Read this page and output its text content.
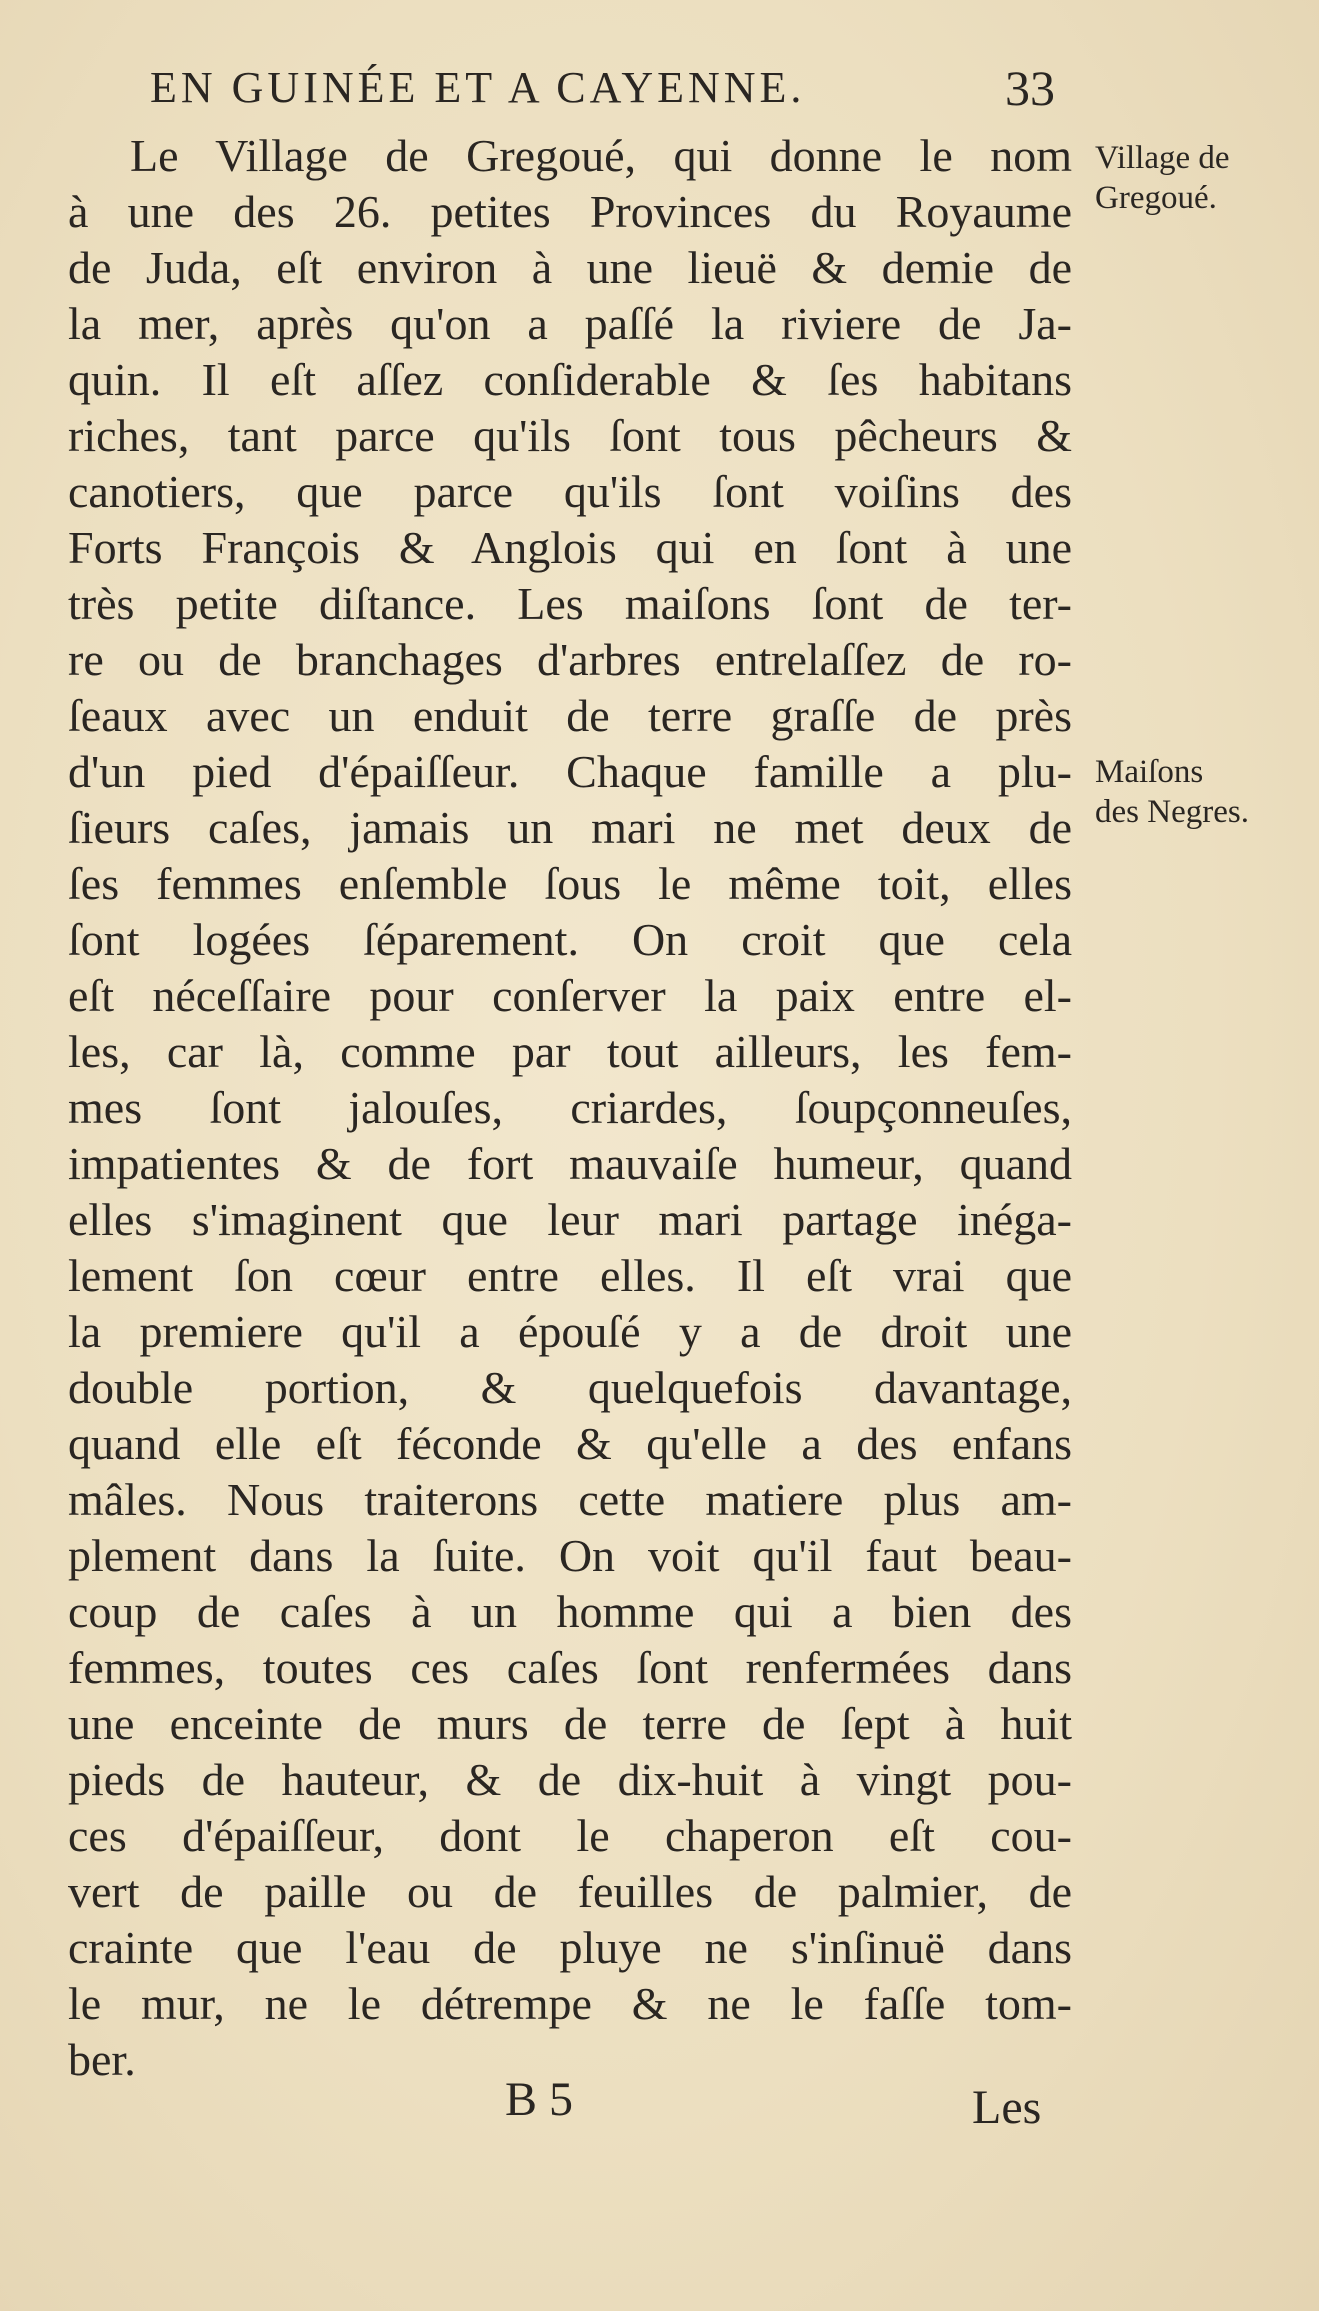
EN GUINÉE ET A CAYENNE.	33
Le Village de Gregoué, qui donne le nom
à une des 26. petites Provinces du Royaume
de Juda, eſt environ à une lieuë & demie de
la mer, après qu'on a paſſé la riviere de Ja-
quin. Il eſt aſſez conſiderable & ſes habitans
riches, tant parce qu'ils ſont tous pêcheurs &
canotiers, que parce qu'ils ſont voiſins des
Forts François & Anglois qui en ſont à une
très petite diſtance. Les maiſons ſont de ter-
re ou de branchages d'arbres entrelaſſez de ro-
ſeaux avec un enduit de terre graſſe de près
d'un pied d'épaiſſeur. Chaque famille a plu-
ſieurs caſes, jamais un mari ne met deux de
ſes femmes enſemble ſous le même toit, elles
ſont logées ſéparement. On croit que cela
eſt néceſſaire pour conſerver la paix entre el-
les, car là, comme par tout ailleurs, les fem-
mes ſont jalouſes, criardes, ſoupçonneuſes,
impatientes & de fort mauvaiſe humeur, quand
elles s'imaginent que leur mari partage inéga-
lement ſon cœur entre elles. Il eſt vrai que
la premiere qu'il a épouſé y a de droit une
double portion, & quelquefois davantage,
quand elle eſt féconde & qu'elle a des enfans
mâles. Nous traiterons cette matiere plus am-
plement dans la ſuite. On voit qu'il faut beau-
coup de caſes à un homme qui a bien des
femmes, toutes ces caſes ſont renfermées dans
une enceinte de murs de terre de ſept à huit
pieds de hauteur, & de dix-huit à vingt pou-
ces d'épaiſſeur, dont le chaperon eſt cou-
vert de paille ou de feuilles de palmier, de
crainte que l'eau de pluye ne s'inſinuë dans
le mur, ne le détrempe & ne le faſſe tom-
ber.
Village de
Gregoué.
Maiſons
des Negres.
B 5	Les
